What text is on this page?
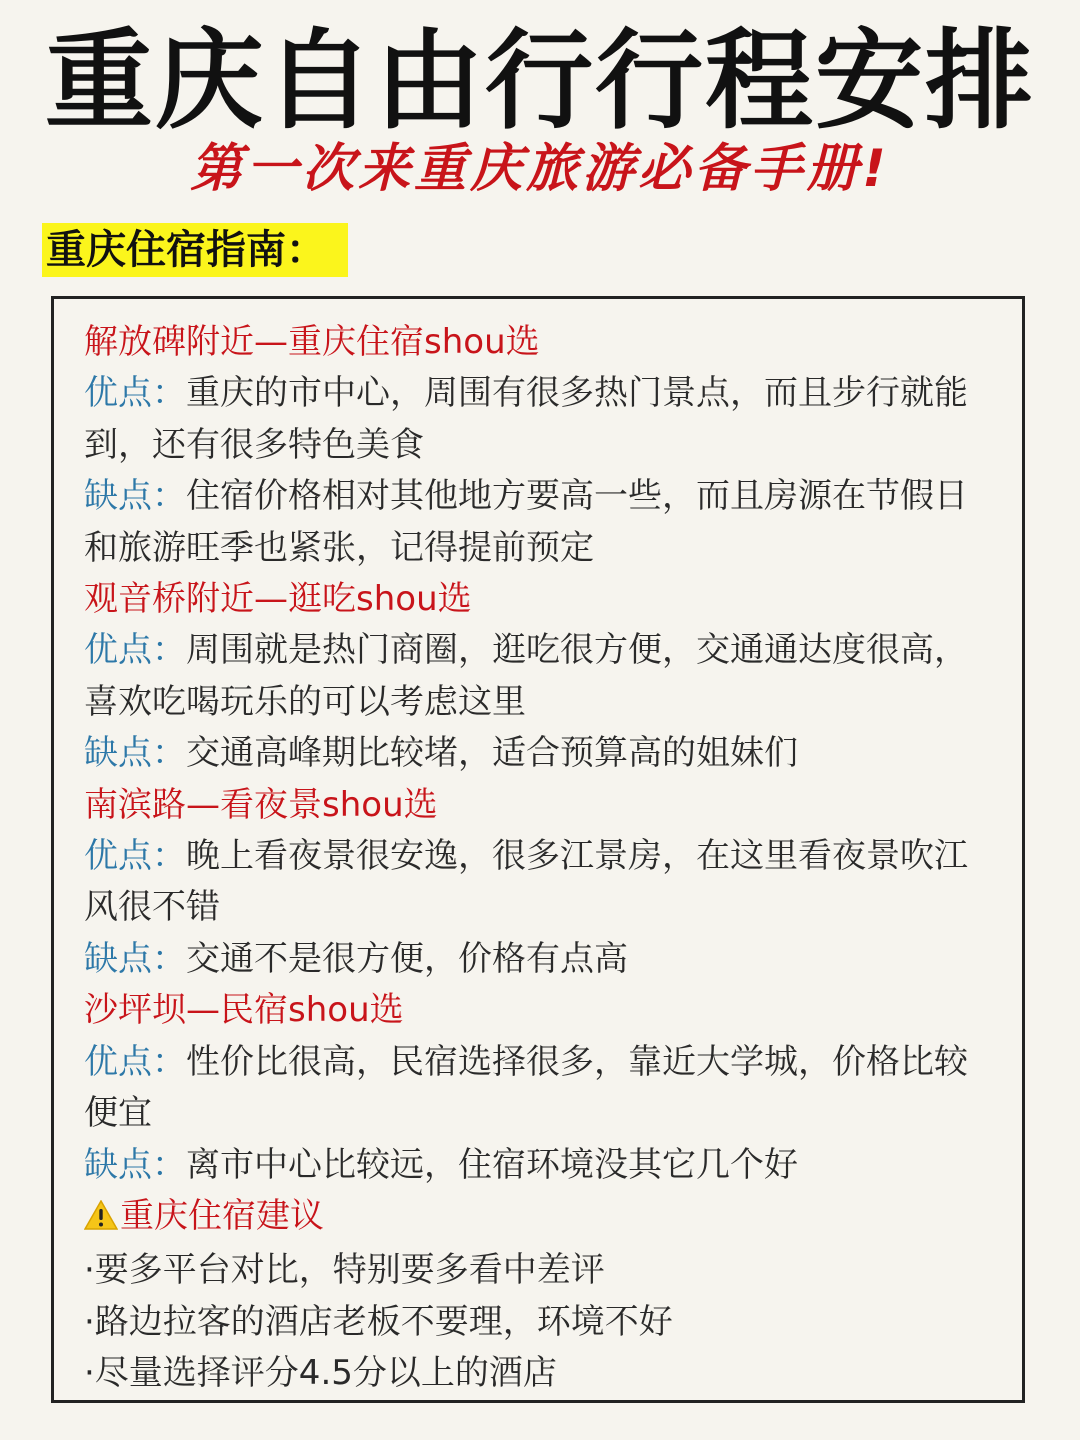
重庆自由行行程安排
第一次来重庆旅游必备手册!
重庆住宿指南：

解放碑附近—重庆住宿shou选

优点：重庆的市中心，周围有很多热门景点，而且步行就能到，还有很多特色美食

缺点：住宿价格相对其他地方要高一些，而且房源在节假日和旅游旺季也紧张，记得提前预定

观音桥附近—逛吃shou选

优点：周围就是热门商圈，逛吃很方便，交通通达度很高，喜欢吃喝玩乐的可以考虑这里

缺点：交通高峰期比较堵，适合预算高的姐妹们

南滨路—看夜景shou选

优点：晚上看夜景很安逸，很多江景房，在这里看夜景吹江风很不错

缺点：交通不是很方便，价格有点高

沙坪坝—民宿shou选

优点：性价比很高，民宿选择很多，靠近大学城，价格比较便宜

缺点：离市中心比较远，住宿环境没其它几个好

重庆住宿建议

·要多平台对比，特别要多看中差评

·路边拉客的酒店老板不要理，环境不好

·尽量选择评分4.5分以上的酒店
